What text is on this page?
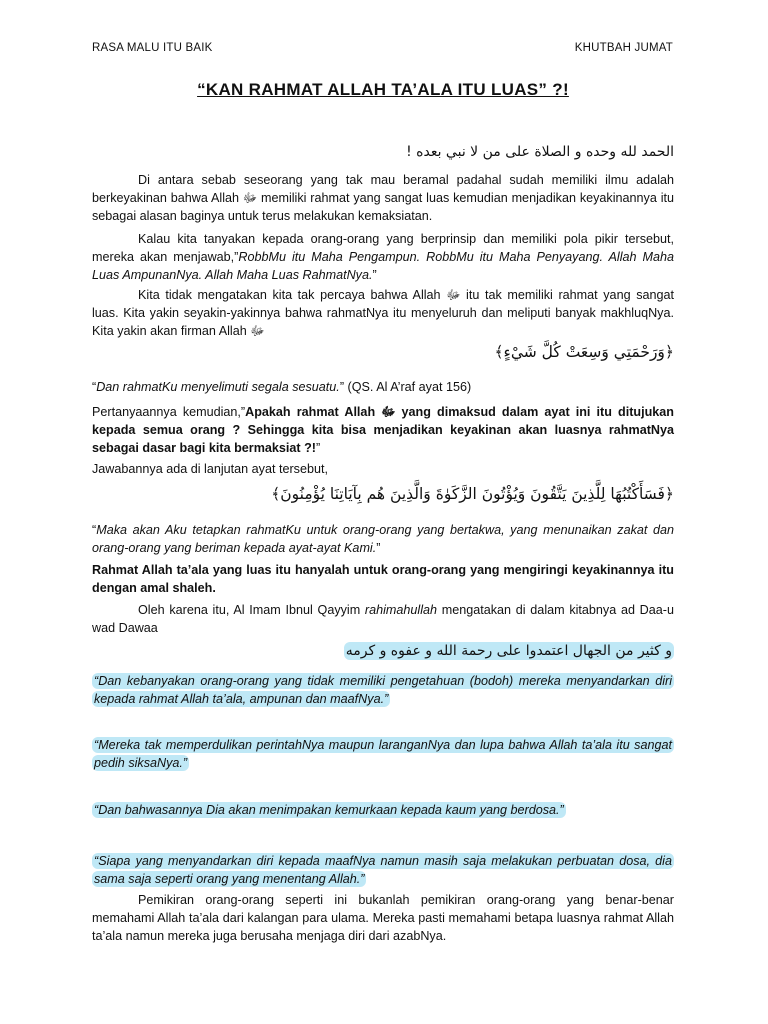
RASA MALU ITU BAIK	KHUTBAH JUMAT
“KAN RAHMAT ALLAH TA’ALA ITU LUAS” ?!
الحمد لله وحده و الصلاة على من لا نبي بعده !

Di antara sebab seseorang yang tak mau beramal padahal sudah memiliki ilmu adalah berkeyakinan bahwa Allah ﷻ memiliki rahmat yang sangat luas kemudian menjadikan keyakinannya itu sebagai alasan baginya untuk terus melakukan kemaksiatan.

Kalau kita tanyakan kepada orang-orang yang berprinsip dan memiliki pola pikir tersebut, mereka akan menjawab,”RobbMu itu Maha Pengampun. RobbMu itu Maha Penyayang. Allah Maha Luas AmpunanNya. Allah Maha Luas RahmatNya.”

Kita tidak mengatakan kita tak percaya bahwa Allah ﷻ itu tak memiliki rahmat yang sangat luas. Kita yakin seyakin-yakinnya bahwa rahmatNya itu menyeluruh dan meliputi banyak makhluqNya. Kita yakin akan firman Allah ﷻ

﴿وَرَحْمَتِي وَسِعَتْ كُلَّ شَيْءٍ﴾

“Dan rahmatKu menyelimuti segala sesuatu.” (QS. Al A’raf ayat 156)

Pertanyaannya kemudian,”Apakah rahmat Allah ﷻ yang dimaksud dalam ayat ini itu ditujukan kepada semua orang ? Sehingga kita bisa menjadikan keyakinan akan luasnya rahmatNya sebagai dasar bagi kita bermaksiat ?!”

Jawabannya ada di lanjutan ayat tersebut,

﴿فَسَأَكْتُبُهَا لِلَّذِينَ يَتَّقُونَ وَيُؤْتُونَ الزَّكَوٰةَ وَالَّذِينَ هُم بِآيَاتِنَا يُؤْمِنُونَ﴾

“Maka akan Aku tetapkan rahmatKu untuk orang-orang yang bertakwa, yang menunaikan zakat dan orang-orang yang beriman kepada ayat-ayat Kami.”

Rahmat Allah ta’ala yang luas itu hanyalah untuk orang-orang yang mengiringi keyakinannya itu dengan amal shaleh.

Oleh karena itu, Al Imam Ibnul Qayyim rahimahullah mengatakan di dalam kitabnya ad Daa-u wad Dawaa

و كثير من الجهال اعتمدوا على رحمة الله و عفوه و كرمه

“Dan kebanyakan orang-orang yang tidak memiliki pengetahuan (bodoh) mereka menyandarkan diri kepada rahmat Allah ta’ala, ampunan dan maafNya.”

“Mereka tak memperdulikan perintahNya maupun laranganNya dan lupa bahwa Allah ta’ala itu sangat pedih siksaNya.”

“Dan bahwasannya Dia akan menimpakan kemurkaan kepada kaum yang berdosa.”

“Siapa yang menyandarkan diri kepada maafNya namun masih saja melakukan perbuatan dosa, dia sama saja seperti orang yang menentang Allah.”

Pemikiran orang-orang seperti ini bukanlah pemikiran orang-orang yang benar-benar memahami Allah ta’ala dari kalangan para ulama. Mereka pasti memahami betapa luasnya rahmat Allah ta’ala namun mereka juga berusaha menjaga diri dari azabNya.
